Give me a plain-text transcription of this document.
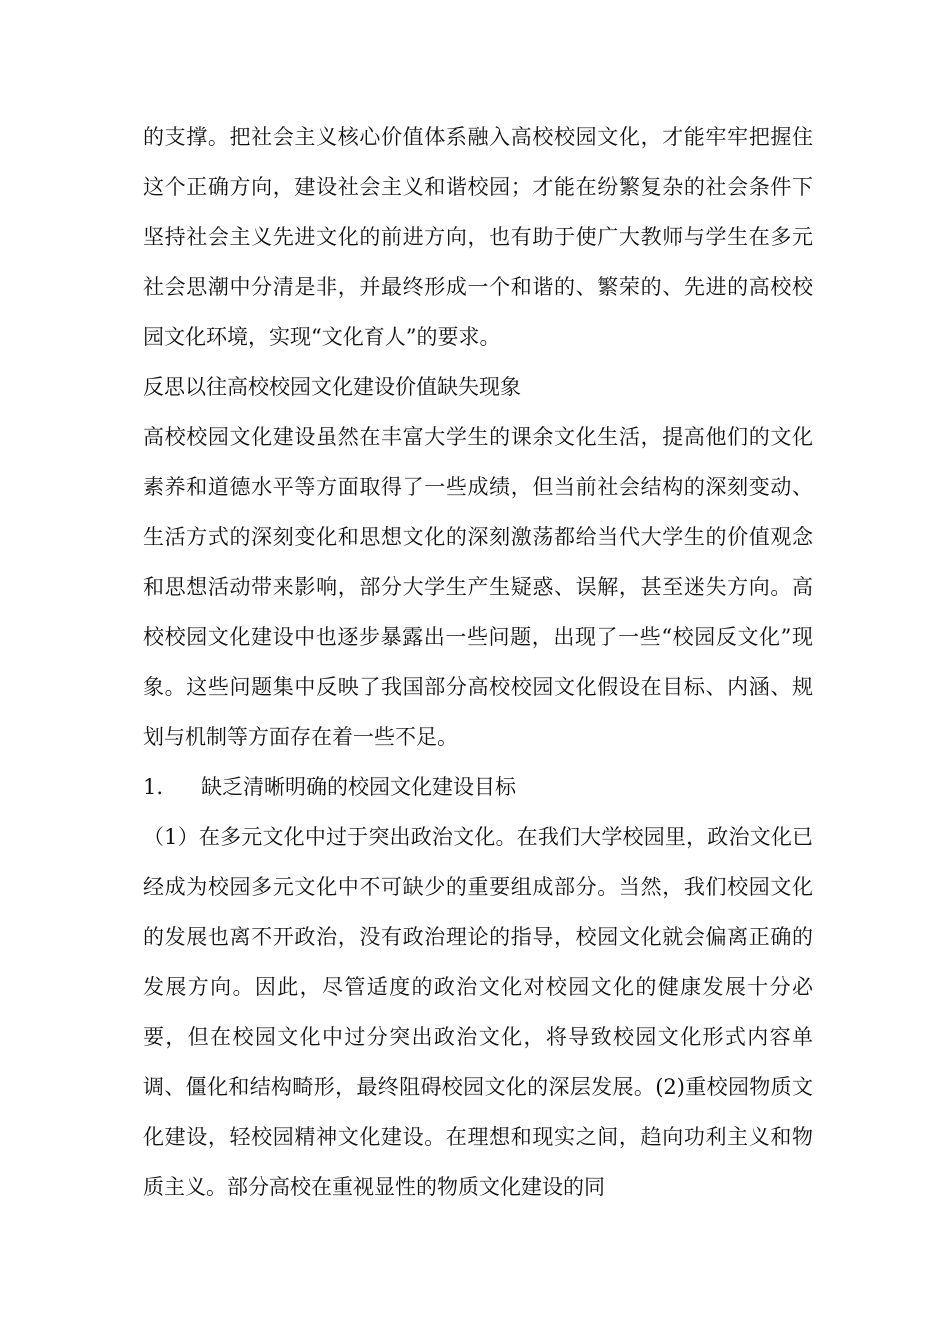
的支撑。把社会主义核心价值体系融入高校校园文化，才能牢牢把握住这个正确方向，建设社会主义和谐校园；才能在纷繁复杂的社会条件下坚持社会主义先进文化的前进方向，也有助于使广大教师与学生在多元社会思潮中分清是非，并最终形成一个和谐的、繁荣的、先进的高校校园文化环境，实现“文化育人”的要求。

反思以往高校校园文化建设价值缺失现象

高校校园文化建设虽然在丰富大学生的课余文化生活，提高他们的文化素养和道德水平等方面取得了一些成绩，但当前社会结构的深刻变动、生活方式的深刻变化和思想文化的深刻激荡都给当代大学生的价值观念和思想活动带来影响，部分大学生产生疑惑、误解，甚至迷失方向。高校校园文化建设中也逐步暴露出一些问题，出现了一些“校园反文化”现象。这些问题集中反映了我国部分高校校园文化假设在目标、内涵、规划与机制等方面存在着一些不足。

1.	缺乏清晰明确的校园文化建设目标

（1）在多元文化中过于突出政治文化。在我们大学校园里，政治文化已经成为校园多元文化中不可缺少的重要组成部分。当然，我们校园文化的发展也离不开政治，没有政治理论的指导，校园文化就会偏离正确的发展方向。因此，尽管适度的政治文化对校园文化的健康发展十分必要，但在校园文化中过分突出政治文化，将导致校园文化形式内容单调、僵化和结构畸形，最终阻碍校园文化的深层发展。(2)重校园物质文化建设，轻校园精神文化建设。在理想和现实之间，趋向功利主义和物质主义。部分高校在重视显性的物质文化建设的同
